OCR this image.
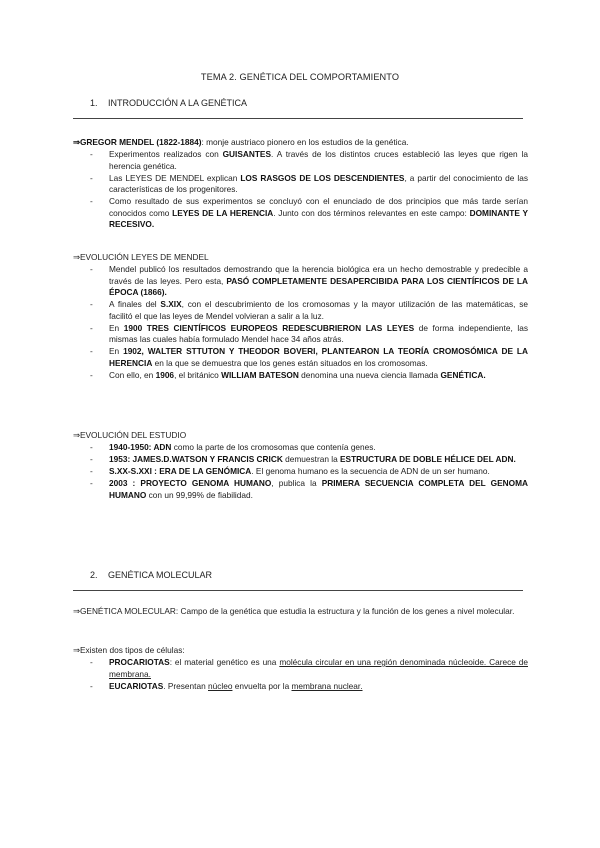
TEMA 2. GENÉTICA DEL COMPORTAMIENTO
1. INTRODUCCIÓN A LA GENÉTICA
⇒GREGOR MENDEL (1822-1884): monje austriaco pionero en los estudios de la genética.
- Experimentos realizados con GUISANTES. A través de los distintos cruces estableció las leyes que rigen la herencia genética.
- Las LEYES DE MENDEL explican LOS RASGOS DE LOS DESCENDIENTES, a partir del conocimiento de las características de los progenitores.
- Como resultado de sus experimentos se concluyó con el enunciado de dos principios que más tarde serían conocidos como LEYES DE LA HERENCIA. Junto con dos términos relevantes en este campo: DOMINANTE Y RECESIVO.
⇒EVOLUCIÓN LEYES DE MENDEL
- Mendel publicó los resultados demostrando que la herencia biológica era un hecho demostrable y predecible a través de las leyes. Pero esta, PASÓ COMPLETAMENTE DESAPERCIBIDA PARA LOS CIENTÍFICOS DE LA ÉPOCA (1866).
- A finales del S.XIX, con el descubrimiento de los cromosomas y la mayor utilización de las matemáticas, se facilitó el que las leyes de Mendel volvieran a salir a la luz.
- En 1900 TRES CIENTÍFICOS EUROPEOS REDESCUBRIERON LAS LEYES de forma independiente, las mismas las cuales había formulado Mendel hace 34 años atrás.
- En 1902, WALTER STTUTON Y THEODOR BOVERI, PLANTEARON LA TEORÍA CROMOSÓMICA DE LA HERENCIA en la que se demuestra que los genes están situados en los cromosomas.
- Con ello, en 1906, el británico WILLIAM BATESON denomina una nueva ciencia llamada GENÉTICA.
⇒EVOLUCIÓN DEL ESTUDIO
- 1940-1950: ADN como la parte de los cromosomas que contenía genes.
- 1953: JAMES.D.WATSON Y FRANCIS CRICK demuestran la ESTRUCTURA DE DOBLE HÉLICE DEL ADN.
- S.XX-S.XXI : ERA DE LA GENÓMICA. El genoma humano es la secuencia de ADN de un ser humano.
- 2003 : PROYECTO GENOMA HUMANO, publica la PRIMERA SECUENCIA COMPLETA DEL GENOMA HUMANO con un 99,99% de fiabilidad.
2. GENÉTICA MOLECULAR
⇒GENÉTICA MOLECULAR: Campo de la genética que estudia la estructura y la función de los genes a nivel molecular.
⇒Existen dos tipos de células:
- PROCARIOTAS: el material genético es una molécula circular en una región denominada núcleoide. Carece de membrana.
- EUCARIOTAS. Presentan núcleo envuelta por la membrana nuclear.
